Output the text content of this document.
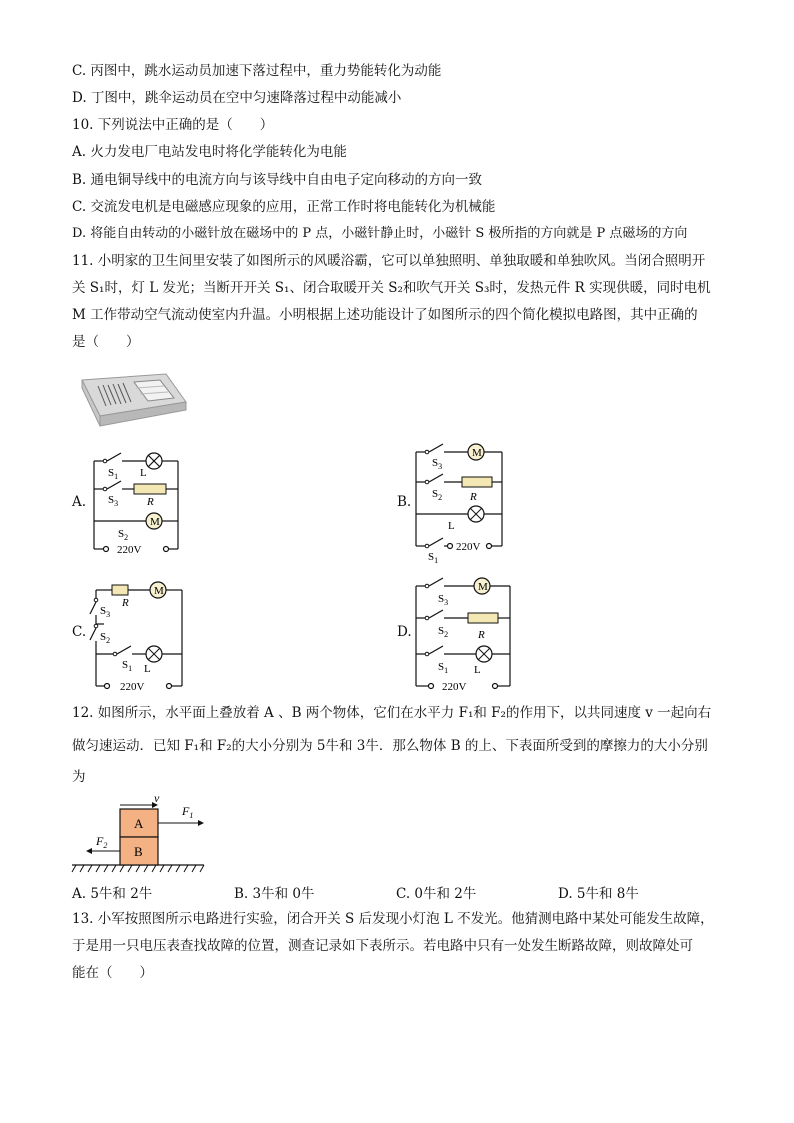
C. 丙图中，跳水运动员加速下落过程中，重力势能转化为动能
D. 丁图中，跳伞运动员在空中匀速降落过程中动能减小
10. 下列说法中正确的是（　　）
A. 火力发电厂电站发电时将化学能转化为电能
B. 通电铜导线中的电流方向与该导线中自由电子定向移动的方向一致
C. 交流发电机是电磁感应现象的应用，正常工作时将电能转化为机械能
D. 将能自由转动的小磁针放在磁场中的 P 点，小磁针静止时，小磁针 S 极所指的方向就是 P 点磁场的方向
11. 小明家的卫生间里安装了如图所示的风暖浴霸，它可以单独照明、单独取暖和单独吹风。当闭合照明开
关 S₁时，灯 L 发光；当断开开关 S₁、闭合取暖开关 S₂和吹气开关 S₃时，发热元件 R 实现供暖，同时电机
M 工作带动空气流动使室内升温。小明根据上述功能设计了如图所示的四个简化模拟电路图，其中正确的
是（　　）
A.	B.
C.	D.
M
$S_1$ L
$S_3$	R
$S_2$
220V
M
$S_3$
$S_2$	R
L
$S_1$
220V
R
M
$S_3$
$S_2$
$S_1$ L
220V
M
R
$S_3$
$S_2$
$S_1$ L
220V
12. 如图所示，水平面上叠放着 A 、B 两个物体，它们在水平力 F₁和 F₂的作用下，以共同速度 v 一起向右
做匀速运动．已知 F₁和 F₂的大小分别为 5牛和 3牛．那么物体 B 的上、下表面所受到的摩擦力的大小分别
为
A
B
v
$F_1$
$F_2$
A. 5牛和 2牛	B. 3牛和 0牛	C. 0牛和 2牛	D. 5牛和 8牛
13. 小军按照图所示电路进行实验，闭合开关 S 后发现小灯泡 L 不发光。他猜测电路中某处可能发生故障，
于是用一只电压表查找故障的位置，测查记录如下表所示。若电路中只有一处发生断路故障，则故障处可
能在（　　）
